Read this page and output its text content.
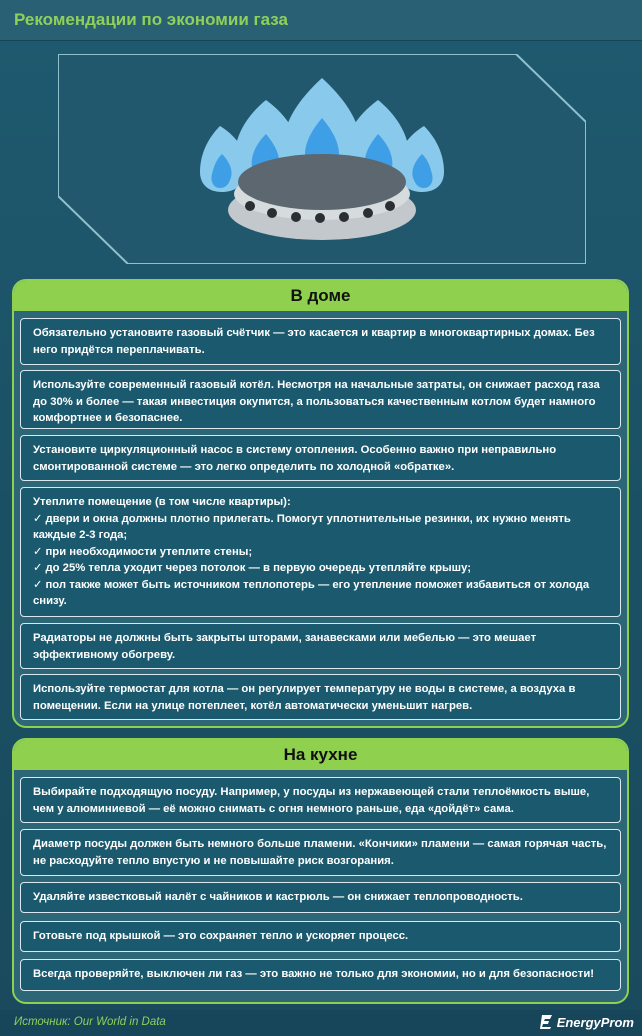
Рекомендации по экономии газа
В доме
Обязательно установите газовый счётчик — это касается и квартир в многоквартирных домах. Без него придётся переплачивать.
Используйте современный газовый котёл. Несмотря на начальные затраты, он снижает расход газа до 30% и более — такая инвестиция окупится, а пользоваться качественным котлом будет намного комфортнее и безопаснее.
Установите циркуляционный насос в систему отопления. Особенно важно при неправильно смонтированной системе — это легко определить по холодной «обратке».
Утеплите помещение (в том числе квартиры):
✓ двери и окна должны плотно прилегать. Помогут уплотнительные резинки, их нужно менять каждые 2-3 года;
✓ при необходимости утеплите стены;
✓ до 25% тепла уходит через потолок — в первую очередь утепляйте крышу;
✓ пол также может быть источником теплопотерь — его утепление поможет избавиться от холода снизу.
Радиаторы не должны быть закрыты шторами, занавесками или мебелью — это мешает эффективному обогреву.
Используйте термостат для котла — он регулирует температуру не воды в системе, а воздуха в помещении. Если на улице потеплеет, котёл автоматически уменьшит нагрев.
На кухне
Выбирайте подходящую посуду. Например, у посуды из нержавеющей стали теплоёмкость выше, чем у алюминиевой — её можно снимать с огня немного раньше, еда «дойдёт» сама.
Диаметр посуды должен быть немного больше пламени. «Кончики» пламени — самая горячая часть, не расходуйте тепло впустую и не повышайте риск возгорания.
Удаляйте известковый налёт с чайников и кастрюль — он снижает теплопроводность.
Готовьте под крышкой — это сохраняет тепло и ускоряет процесс.
Всегда проверяйте, выключен ли газ — это важно не только для экономии, но и для безопасности!
Источник: Our World in Data	EnergyProm
